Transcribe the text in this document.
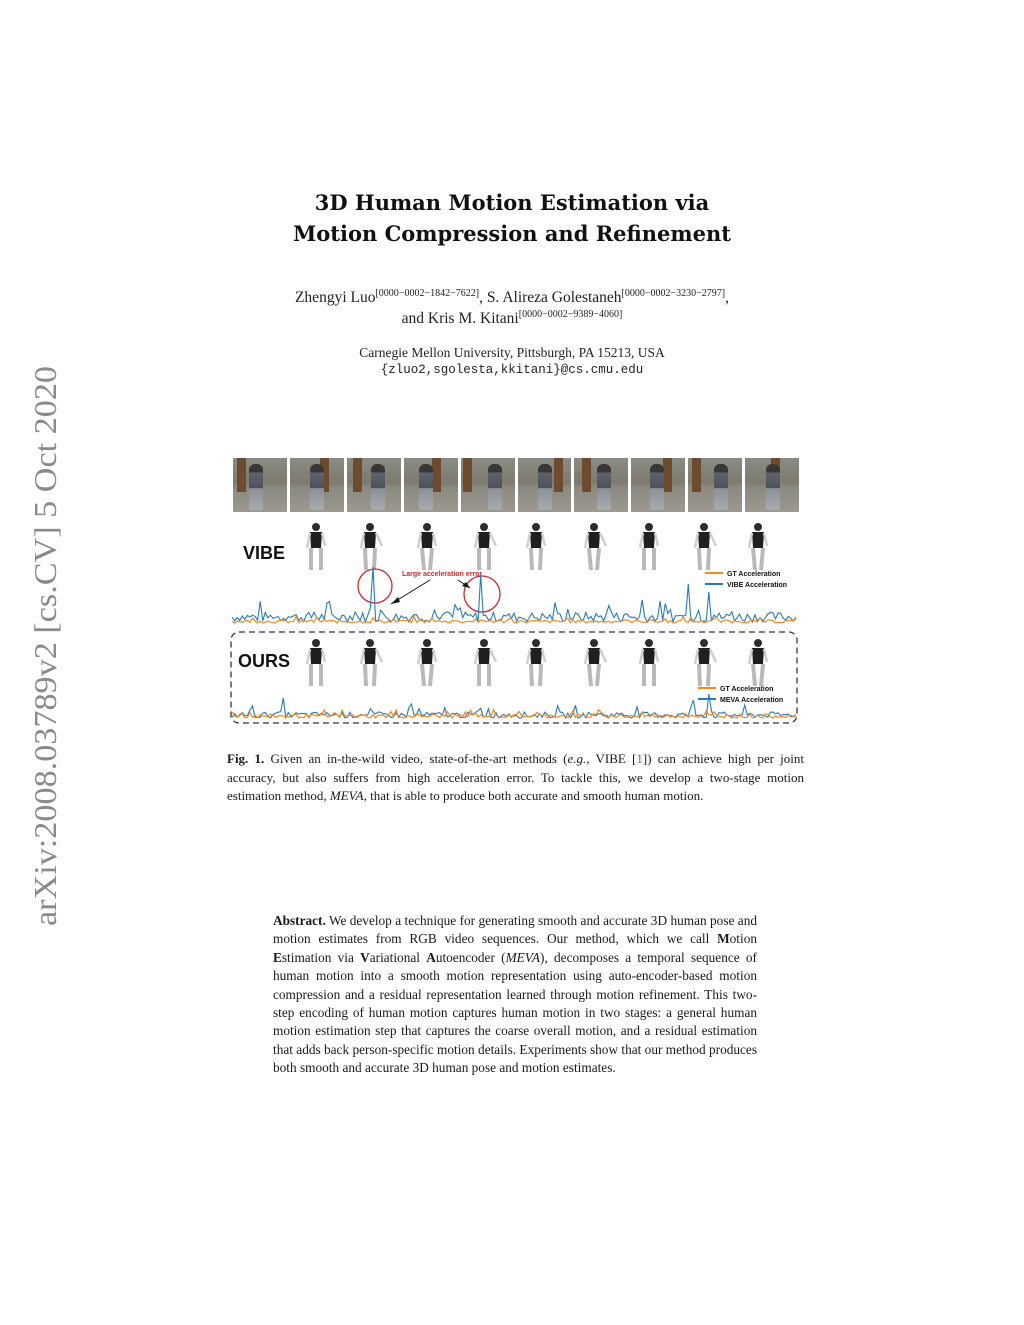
arXiv:2008.03789v2 [cs.CV] 5 Oct 2020
3D Human Motion Estimation via
Motion Compression and Refinement
Zhengyi Luo[0000−0002−1842−7622], S. Alireza Golestaneh[0000−0002−3230−2797],
and Kris M. Kitani[0000−0002−9389−4060]
Carnegie Mellon University, Pittsburgh, PA 15213, USA
{zluo2,sgolesta,kkitani}@cs.cmu.edu
VIBE
Large acceleration error	GT Acceleration
VIBE Acceleration
OURS
GT Acceleration
MEVA Acceleration
Fig. 1. Given an in-the-wild video, state-of-the-art methods (e.g., VIBE [1]) can achieve high per joint accuracy, but also suffers from high acceleration error. To tackle this, we develop a two-stage motion estimation method, MEVA, that is able to produce both accurate and smooth human motion.
Abstract. We develop a technique for generating smooth and accurate 3D human pose and motion estimates from RGB video sequences. Our method, which we call Motion Estimation via Variational Autoencoder (MEVA), decomposes a temporal sequence of human motion into a smooth motion representation using auto-encoder-based motion compression and a residual representation learned through motion refinement. This two-step encoding of human motion captures human motion in two stages: a general human motion estimation step that captures the coarse overall motion, and a residual estimation that adds back person-specific motion details. Experiments show that our method produces both smooth and accurate 3D human pose and motion estimates.
